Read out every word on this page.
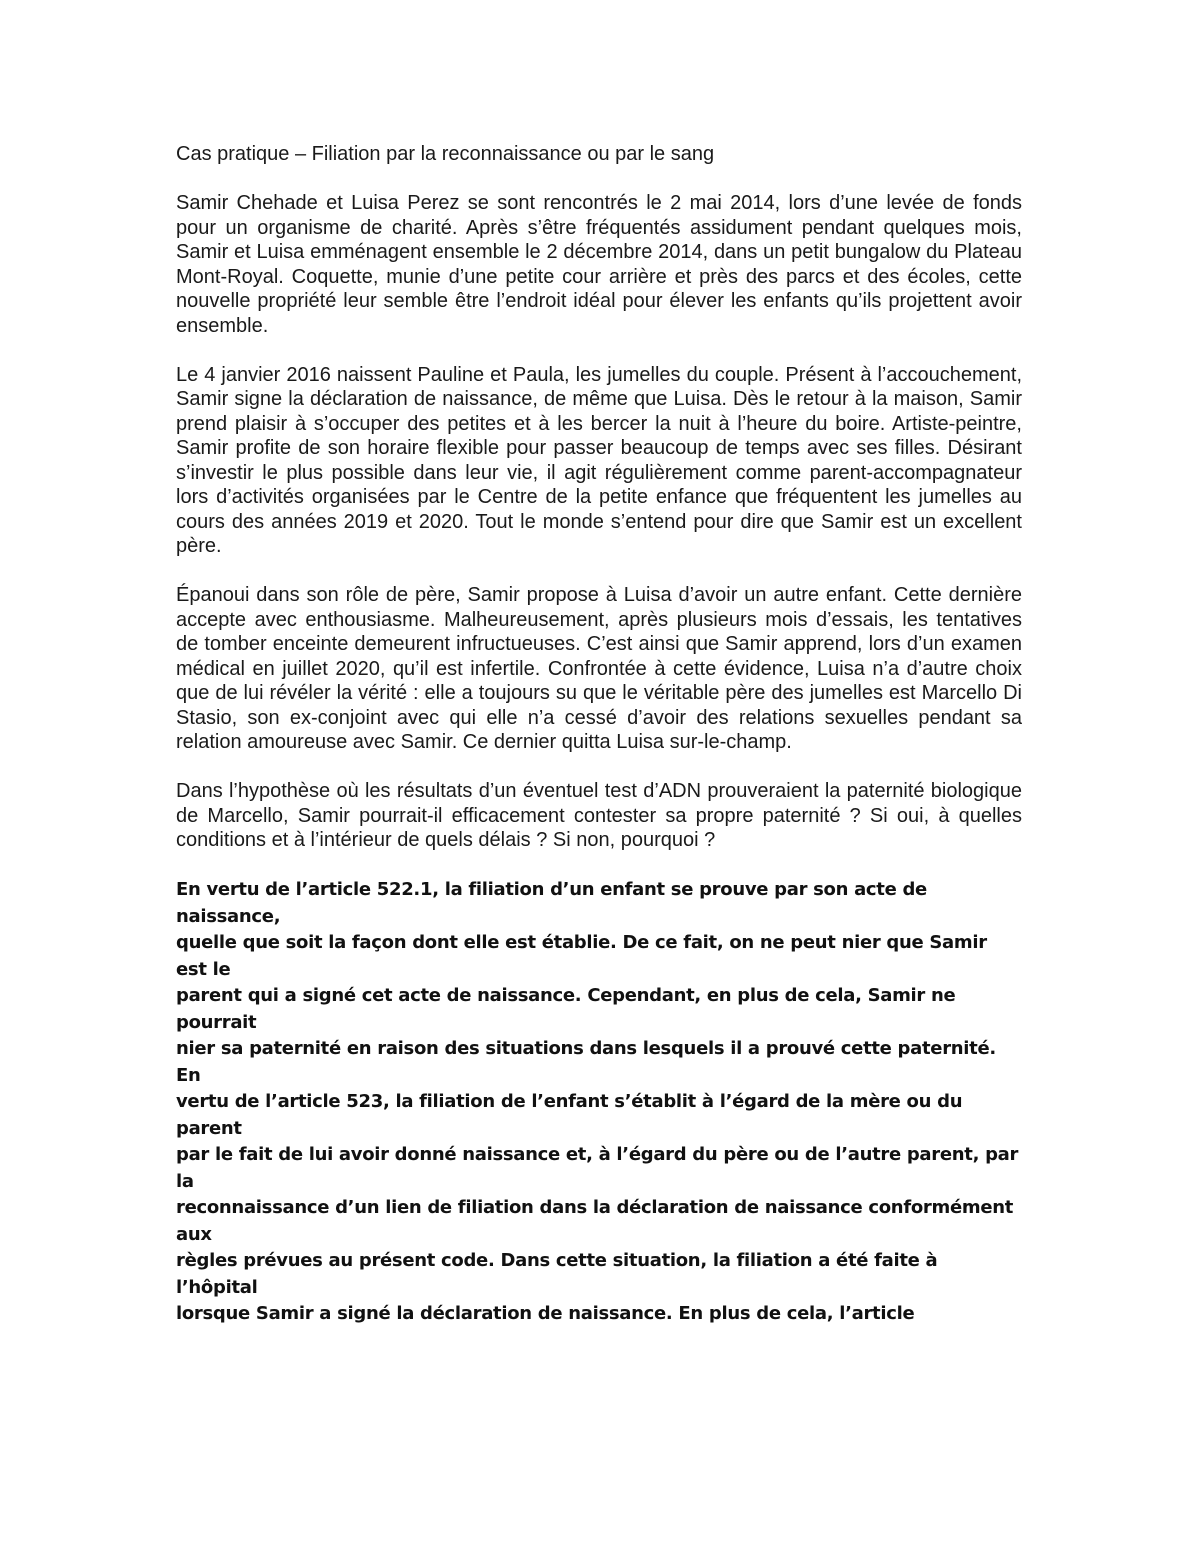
Cas pratique – Filiation par la reconnaissance ou par le sang

Samir Chehade et Luisa Perez se sont rencontrés le 2 mai 2014, lors d’une levée de fonds pour un organisme de charité. Après s’être fréquentés assidument pendant quelques mois, Samir et Luisa emménagent ensemble le 2 décembre 2014, dans un petit bungalow du Plateau Mont-Royal. Coquette, munie d’une petite cour arrière et près des parcs et des écoles, cette nouvelle propriété leur semble être l’endroit idéal pour élever les enfants qu’ils projettent avoir ensemble.

Le 4 janvier 2016 naissent Pauline et Paula, les jumelles du couple. Présent à l’accouchement, Samir signe la déclaration de naissance, de même que Luisa. Dès le retour à la maison, Samir prend plaisir à s’occuper des petites et à les bercer la nuit à l’heure du boire. Artiste-peintre, Samir profite de son horaire flexible pour passer beaucoup de temps avec ses filles. Désirant s’investir le plus possible dans leur vie, il agit régulièrement comme parent-accompagnateur lors d’activités organisées par le Centre de la petite enfance que fréquentent les jumelles au cours des années 2019 et 2020. Tout le monde s’entend pour dire que Samir est un excellent père.

Épanoui dans son rôle de père, Samir propose à Luisa d’avoir un autre enfant. Cette dernière accepte avec enthousiasme. Malheureusement, après plusieurs mois d’essais, les tentatives de tomber enceinte demeurent infructueuses. C’est ainsi que Samir apprend, lors d’un examen médical en juillet 2020, qu’il est infertile. Confrontée à cette évidence, Luisa n’a d’autre choix que de lui révéler la vérité : elle a toujours su que le véritable père des jumelles est Marcello Di Stasio, son ex-conjoint avec qui elle n’a cessé d’avoir des relations sexuelles pendant sa relation amoureuse avec Samir. Ce dernier quitta Luisa sur-le-champ.

Dans l’hypothèse où les résultats d’un éventuel test d’ADN prouveraient la paternité biologique de Marcello, Samir pourrait-il efficacement contester sa propre paternité ? Si oui, à quelles conditions et à l’intérieur de quels délais ? Si non, pourquoi ?

En vertu de l’article 522.1, la filiation d’un enfant se prouve par son acte de naissance,
quelle que soit la façon dont elle est établie. De ce fait, on ne peut nier que Samir est le
parent qui a signé cet acte de naissance. Cependant, en plus de cela, Samir ne pourrait
nier sa paternité en raison des situations dans lesquels il a prouvé cette paternité. En
vertu de l’article 523, la filiation de l’enfant s’établit à l’égard de la mère ou du parent
par le fait de lui avoir donné naissance et, à l’égard du père ou de l’autre parent, par la
reconnaissance d’un lien de filiation dans la déclaration de naissance conformément aux
règles prévues au présent code. Dans cette situation, la filiation a été faite à l’hôpital
lorsque Samir a signé la déclaration de naissance. En plus de cela, l’article
